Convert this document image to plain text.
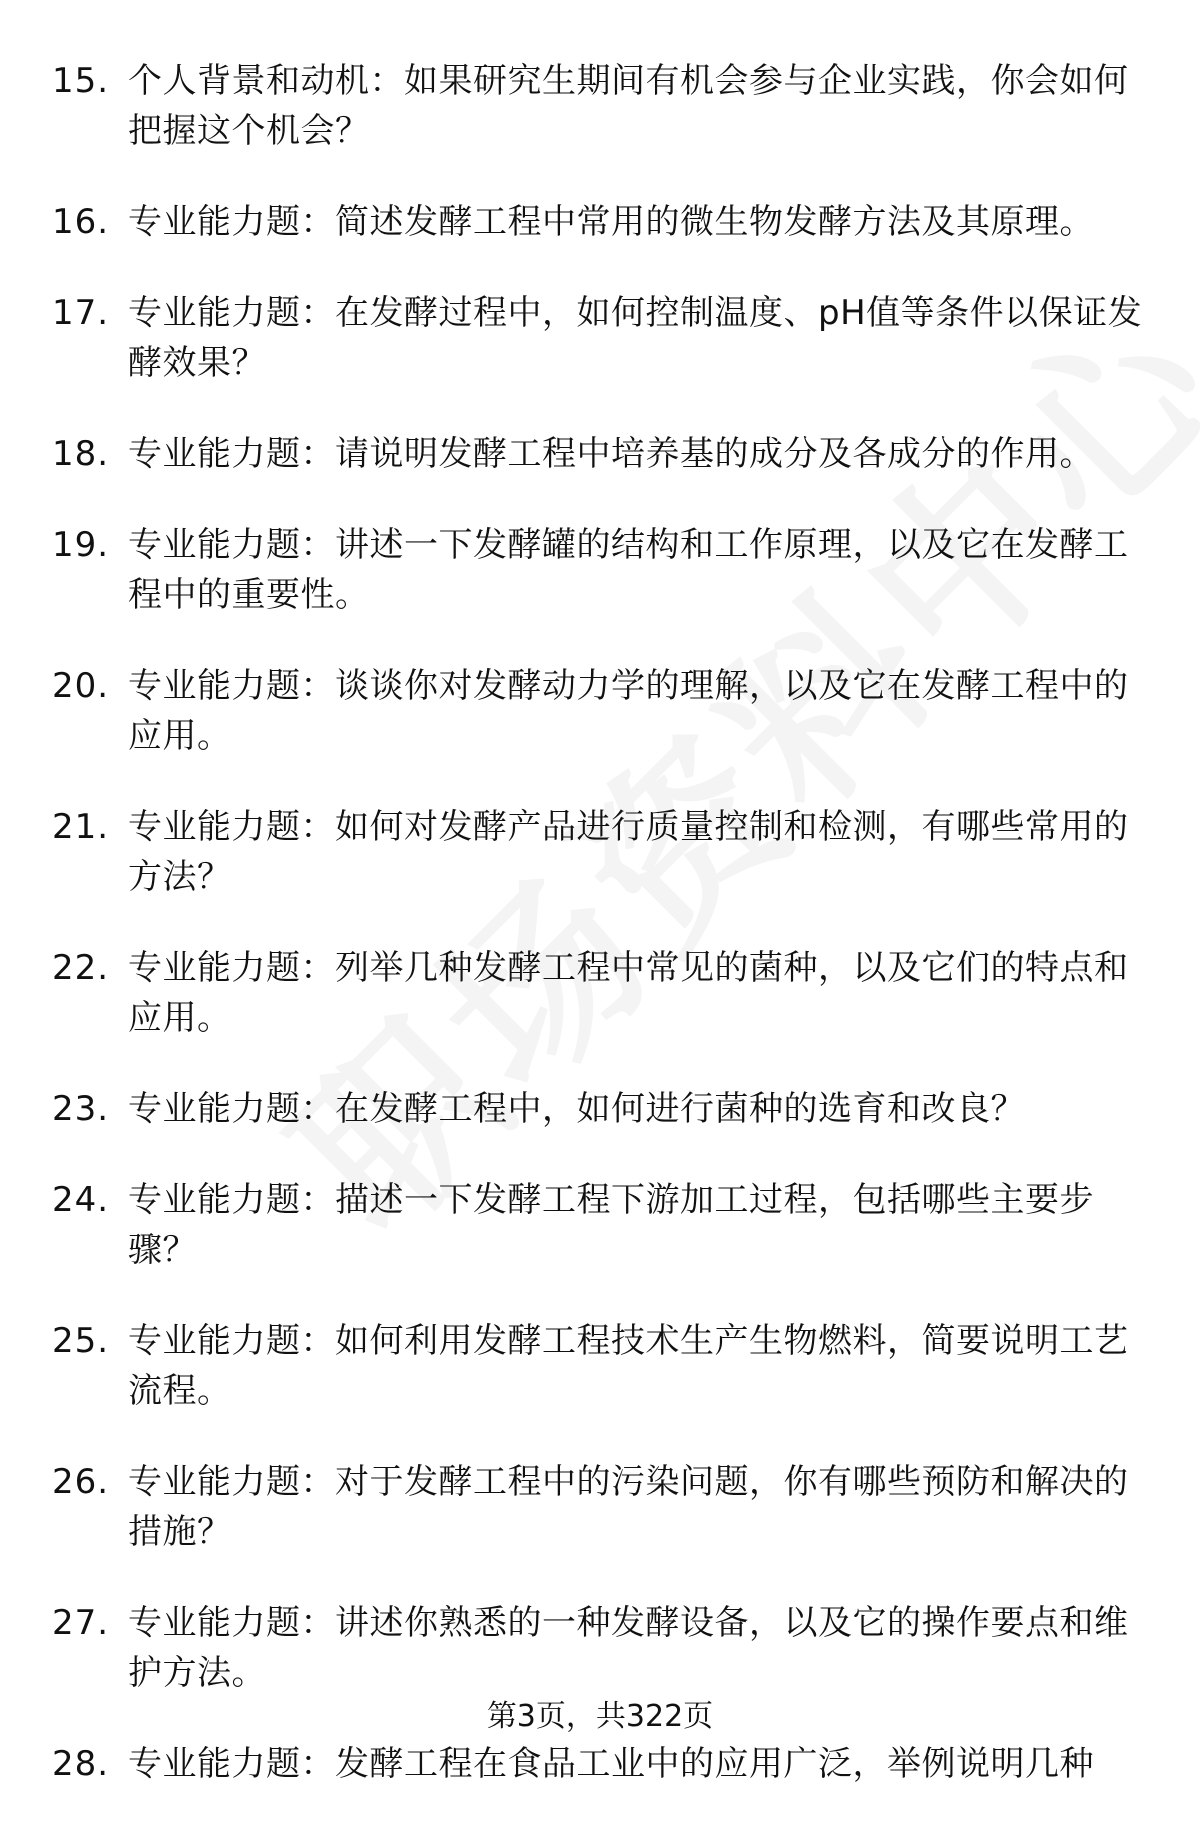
15. 个人背景和动机：如果研究生期间有机会参与企业实践，你会如何把握这个机会？
16. 专业能力题：简述发酵工程中常用的微生物发酵方法及其原理。
17. 专业能力题：在发酵过程中，如何控制温度、pH值等条件以保证发酵效果？
18. 专业能力题：请说明发酵工程中培养基的成分及各成分的作用。
19. 专业能力题：讲述一下发酵罐的结构和工作原理，以及它在发酵工程中的重要性。
20. 专业能力题：谈谈你对发酵动力学的理解，以及它在发酵工程中的应用。
21. 专业能力题：如何对发酵产品进行质量控制和检测，有哪些常用的方法？
22. 专业能力题：列举几种发酵工程中常见的菌种，以及它们的特点和应用。
23. 专业能力题：在发酵工程中，如何进行菌种的选育和改良？
24. 专业能力题：描述一下发酵工程下游加工过程，包括哪些主要步骤？
25. 专业能力题：如何利用发酵工程技术生产生物燃料，简要说明工艺流程。
26. 专业能力题：对于发酵工程中的污染问题，你有哪些预防和解决的措施？
27. 专业能力题：讲述你熟悉的一种发酵设备，以及它的操作要点和维护方法。
28. 专业能力题：发酵工程在食品工业中的应用广泛，举例说明几种
第3页，共322页
